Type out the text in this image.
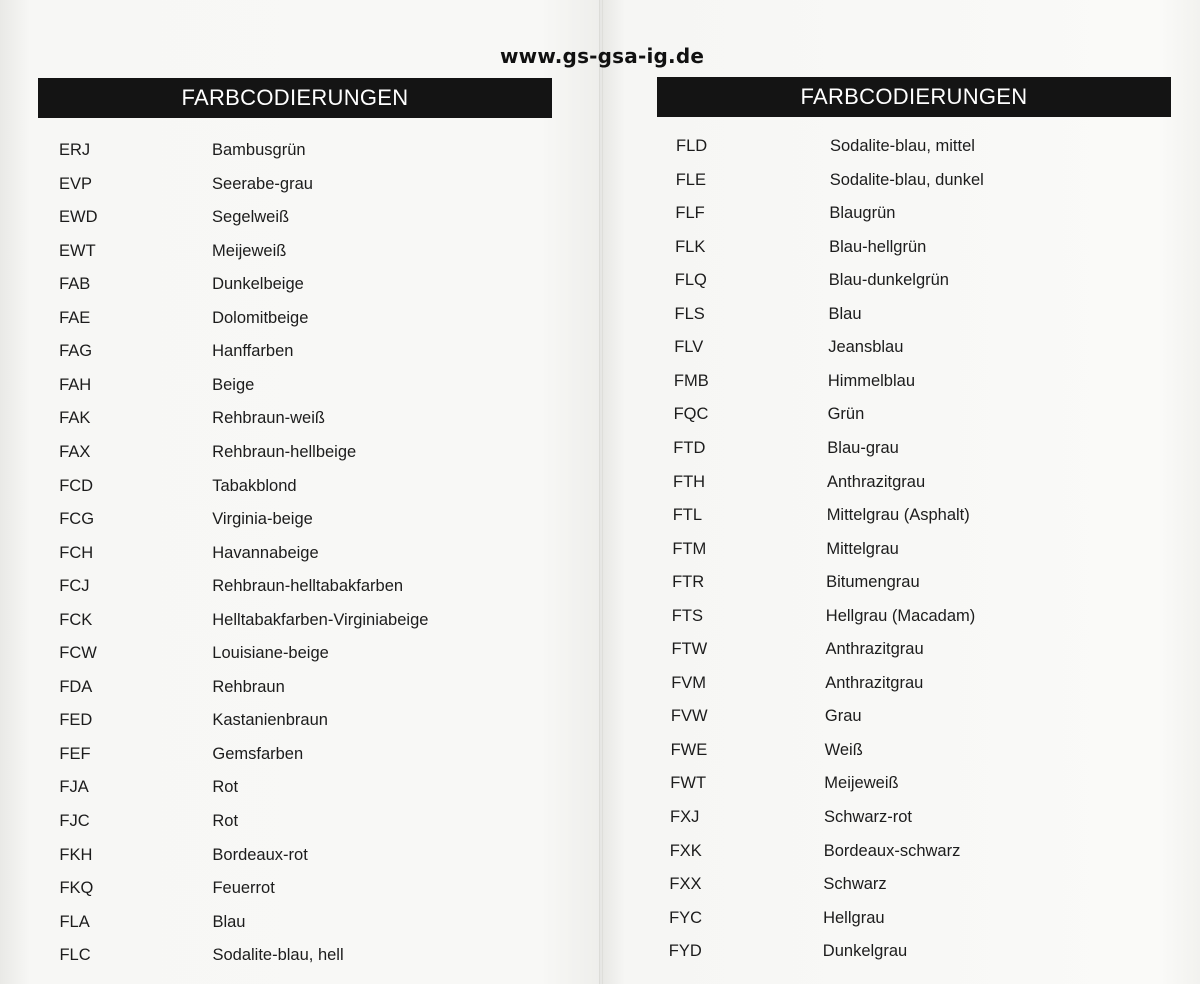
www.gs-gsa-ig.de
FARBCODIERUNGEN	FARBCODIERUNGEN
ERJ	Bambusgrün
EVP	Seerabe-grau
EWD	Segelweiß
EWT	Meijeweiß
FAB	Dunkelbeige
FAE	Dolomitbeige
FAG	Hanffarben
FAH	Beige
FAK	Rehbraun-weiß
FAX	Rehbraun-hellbeige
FCD	Tabakblond
FCG	Virginia-beige
FCH	Havannabeige
FCJ	Rehbraun-helltabakfarben
FCK	Helltabakfarben-Virginiabeige
FCW	Louisiane-beige
FDA	Rehbraun
FED	Kastanienbraun
FEF	Gemsfarben
FJA	Rot
FJC	Rot
FKH	Bordeaux-rot
FKQ	Feuerrot
FLA	Blau
FLC	Sodalite-blau, hell
FLD	Sodalite-blau, mittel
FLE	Sodalite-blau, dunkel
FLF	Blaugrün
FLK	Blau-hellgrün
FLQ	Blau-dunkelgrün
FLS	Blau
FLV	Jeansblau
FMB	Himmelblau
FQC	Grün
FTD	Blau-grau
FTH	Anthrazitgrau
FTL	Mittelgrau (Asphalt)
FTM	Mittelgrau
FTR	Bitumengrau
FTS	Hellgrau (Macadam)
FTW	Anthrazitgrau
FVM	Anthrazitgrau
FVW	Grau
FWE	Weiß
FWT	Meijeweiß
FXJ	Schwarz-rot
FXK	Bordeaux-schwarz
FXX	Schwarz
FYC	Hellgrau
FYD	Dunkelgrau
